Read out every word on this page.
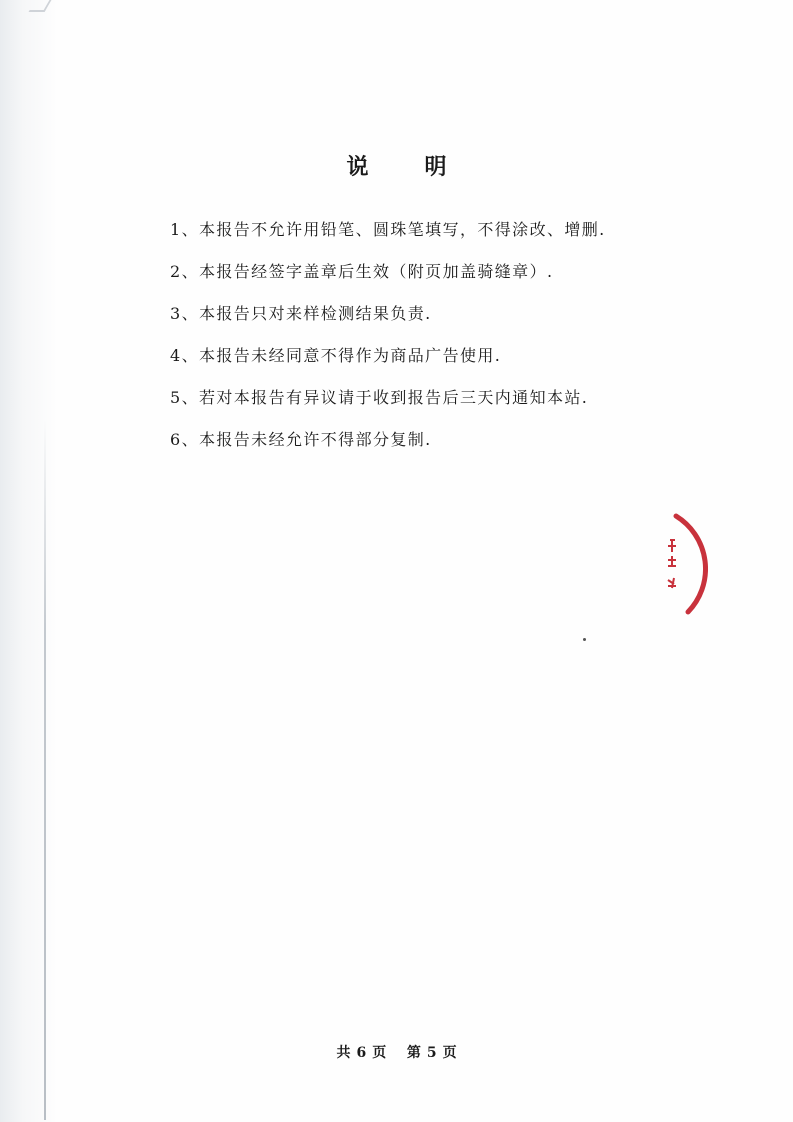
说明
1、本报告不允许用铅笔、圆珠笔填写，不得涂改、增删.
2、本报告经签字盖章后生效（附页加盖骑缝章）.
3、本报告只对来样检测结果负责.
4、本报告未经同意不得作为商品广告使用.
5、若对本报告有异议请于收到报告后三天内通知本站.
6、本报告未经允许不得部分复制.
共 6 页 第 5 页
